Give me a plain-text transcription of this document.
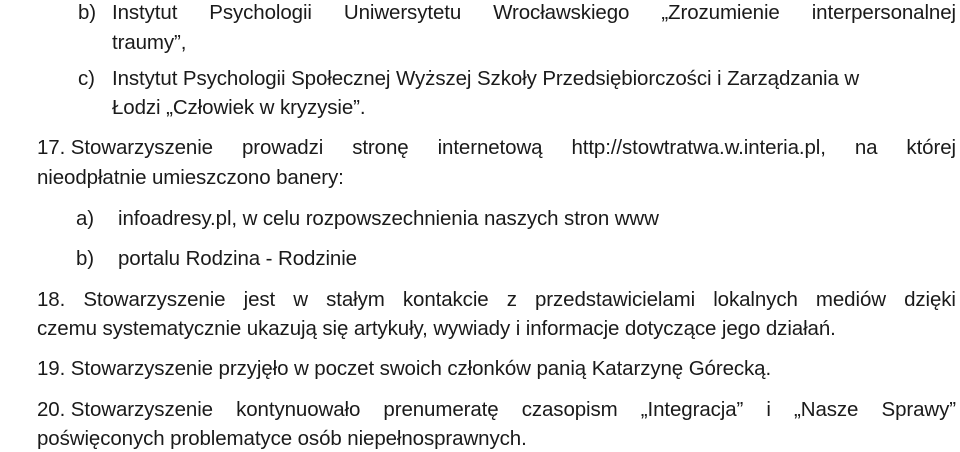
b) Instytut Psychologii Uniwersytetu Wrocławskiego „Zrozumienie interpersonalnej
traumy”,
c) Instytut Psychologii Społecznej Wyższej Szkoły Przedsiębiorczości i Zarządzania w
Łodzi „Człowiek w kryzysie”.
17. Stowarzyszenie prowadzi stronę internetową http://stowtratwa.w.interia.pl, na której
nieodpłatnie umieszczono banery:
a) infoadresy.pl, w celu rozpowszechnienia naszych stron www
b) portalu Rodzina - Rodzinie
18. Stowarzyszenie jest w stałym kontakcie z przedstawicielami lokalnych mediów dzięki
czemu systematycznie ukazują się artykuły, wywiady i informacje dotyczące jego działań.
19. Stowarzyszenie przyjęło w poczet swoich członków panią Katarzynę Górecką.
20. Stowarzyszenie kontynuowało prenumeratę czasopism „Integracja” i „Nasze Sprawy”
poświęconych problematyce osób niepełnosprawnych.
